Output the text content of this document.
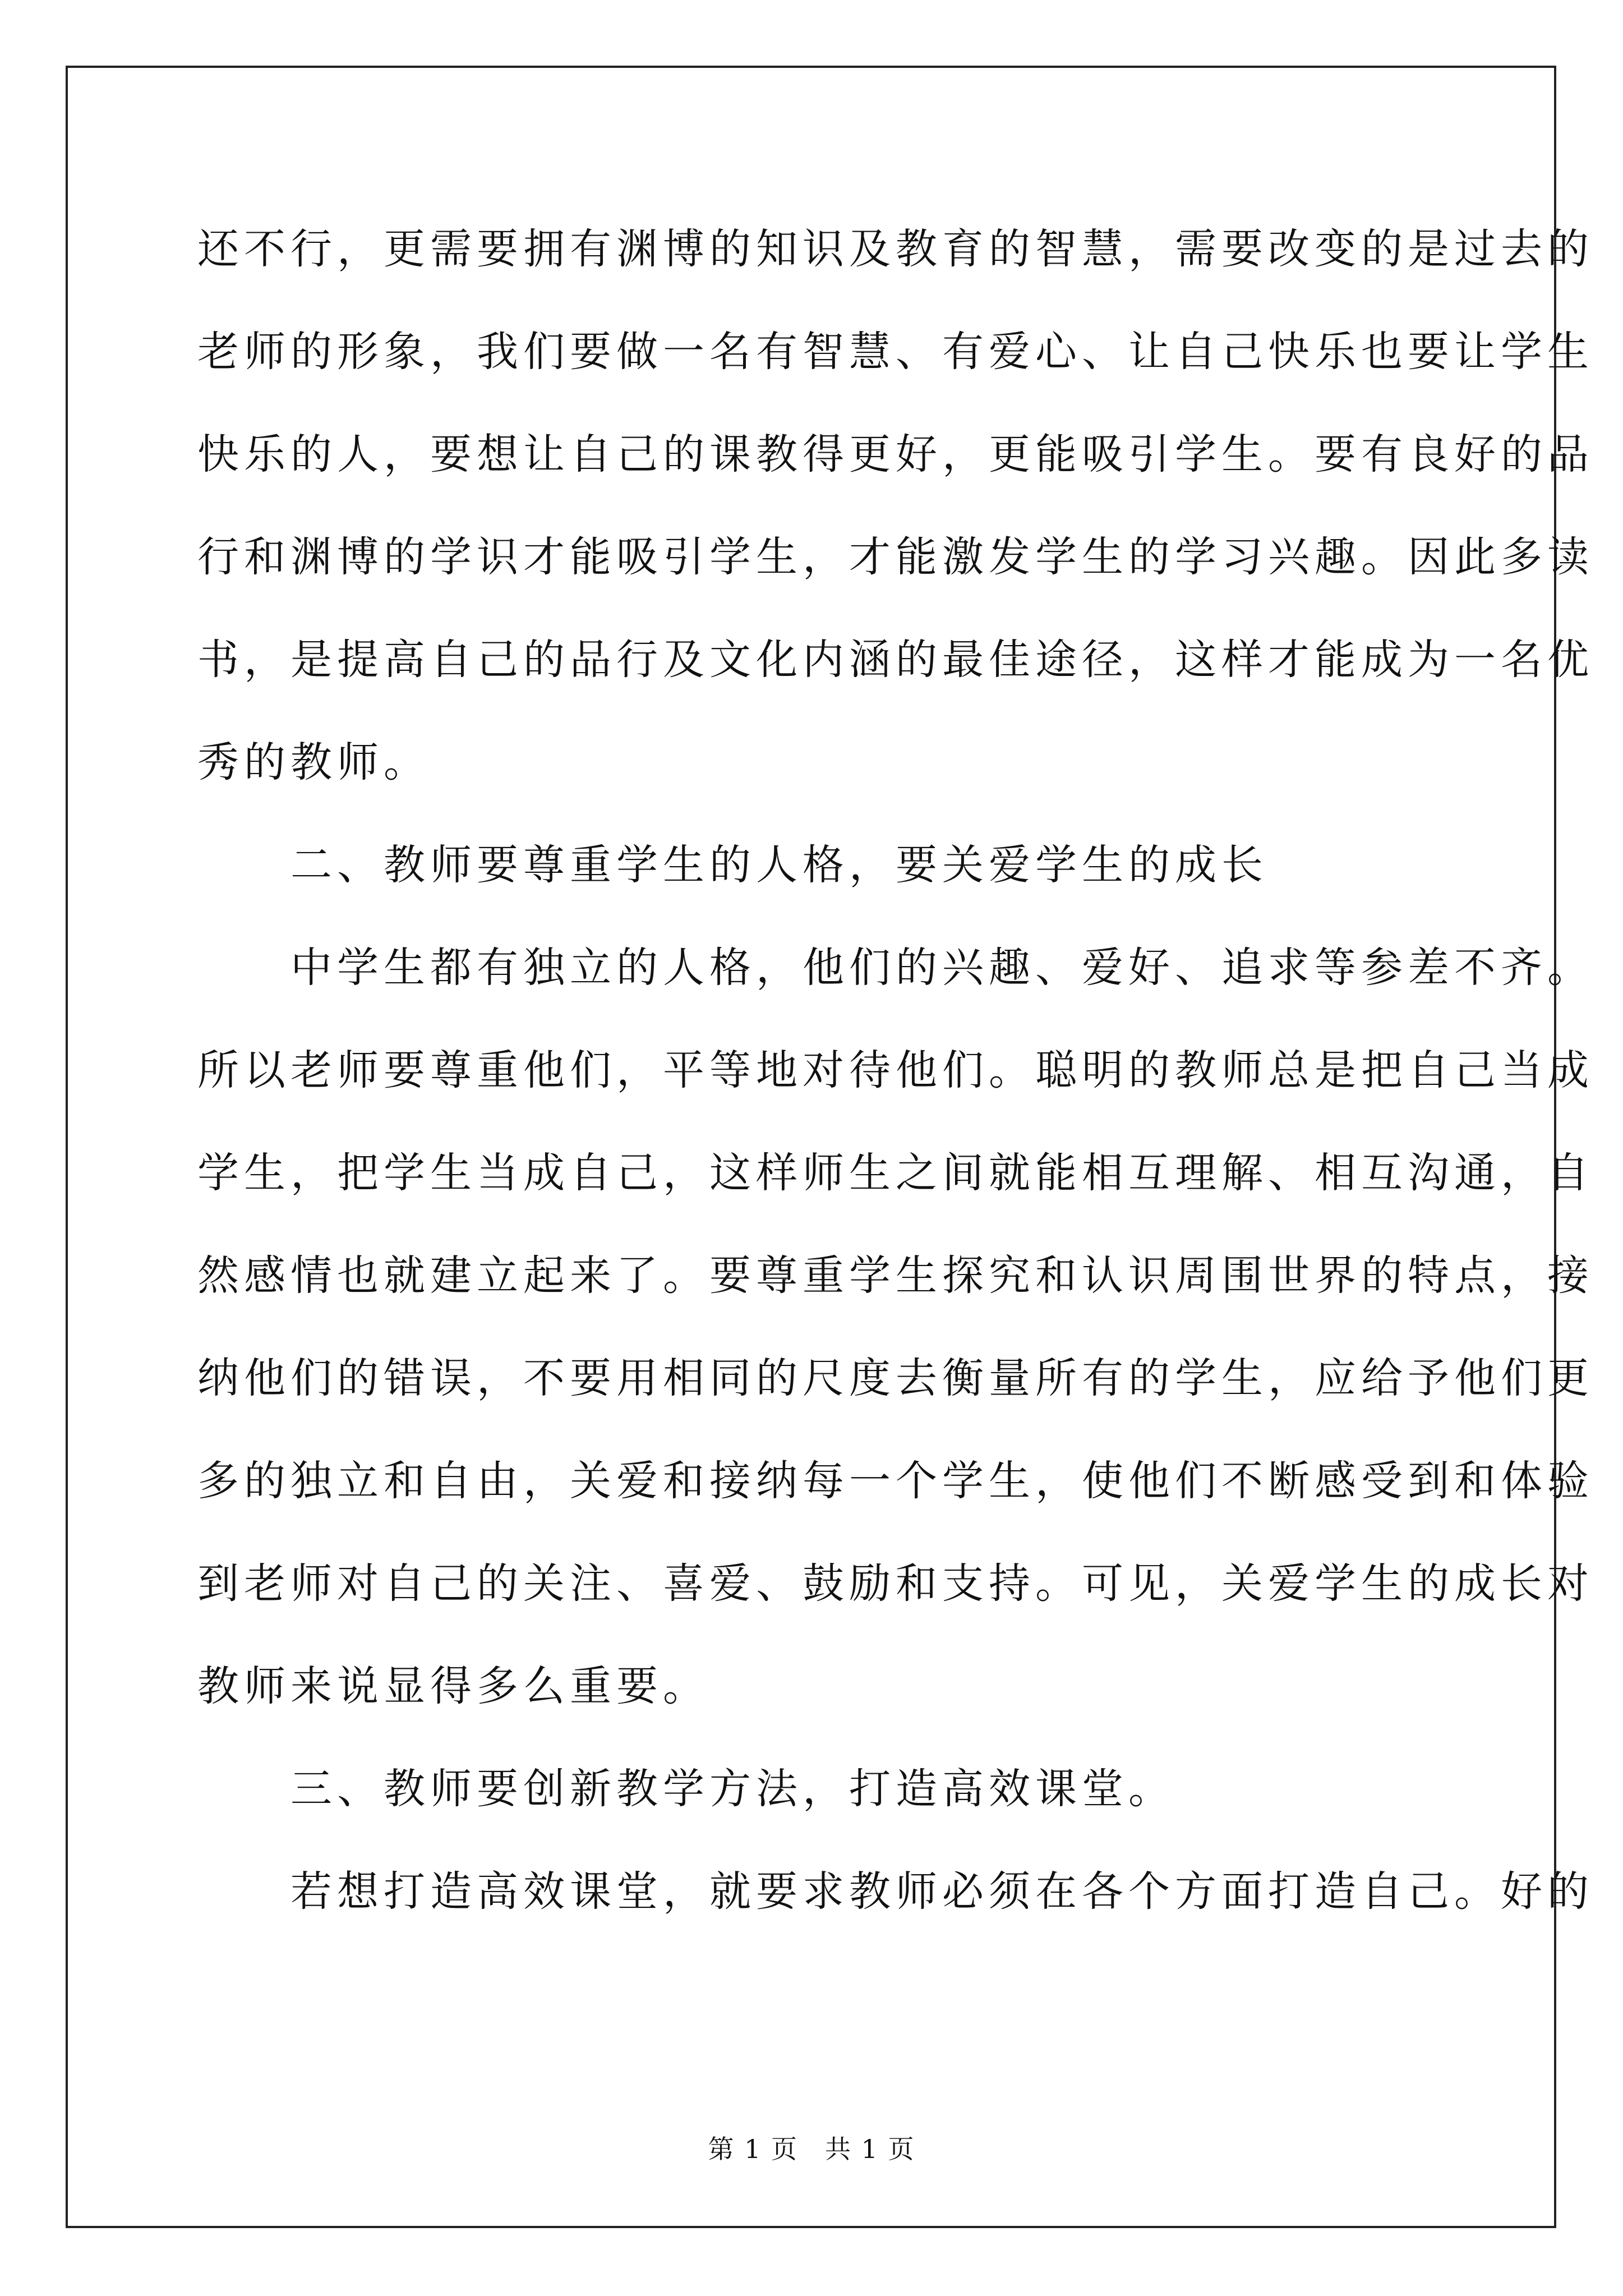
还不行，更需要拥有渊博的知识及教育的智慧，需要改变的是过去的
老师的形象，我们要做一名有智慧、有爱心、让自己快乐也要让学生
快乐的人，要想让自己的课教得更好，更能吸引学生。要有良好的品
行和渊博的学识才能吸引学生，才能激发学生的学习兴趣。因此多读
书，是提高自己的品行及文化内涵的最佳途径，这样才能成为一名优
秀的教师。
　　二、教师要尊重学生的人格，要关爱学生的成长
　　中学生都有独立的人格，他们的兴趣、爱好、追求等参差不齐。
所以老师要尊重他们，平等地对待他们。聪明的教师总是把自己当成
学生，把学生当成自己，这样师生之间就能相互理解、相互沟通，自
然感情也就建立起来了。要尊重学生探究和认识周围世界的特点，接
纳他们的错误，不要用相同的尺度去衡量所有的学生，应给予他们更
多的独立和自由，关爱和接纳每一个学生，使他们不断感受到和体验
到老师对自己的关注、喜爱、鼓励和支持。可见，关爱学生的成长对
教师来说显得多么重要。
　　三、教师要创新教学方法，打造高效课堂。
　　若想打造高效课堂，就要求教师必须在各个方面打造自己。好的
第 1 页　共 1 页
